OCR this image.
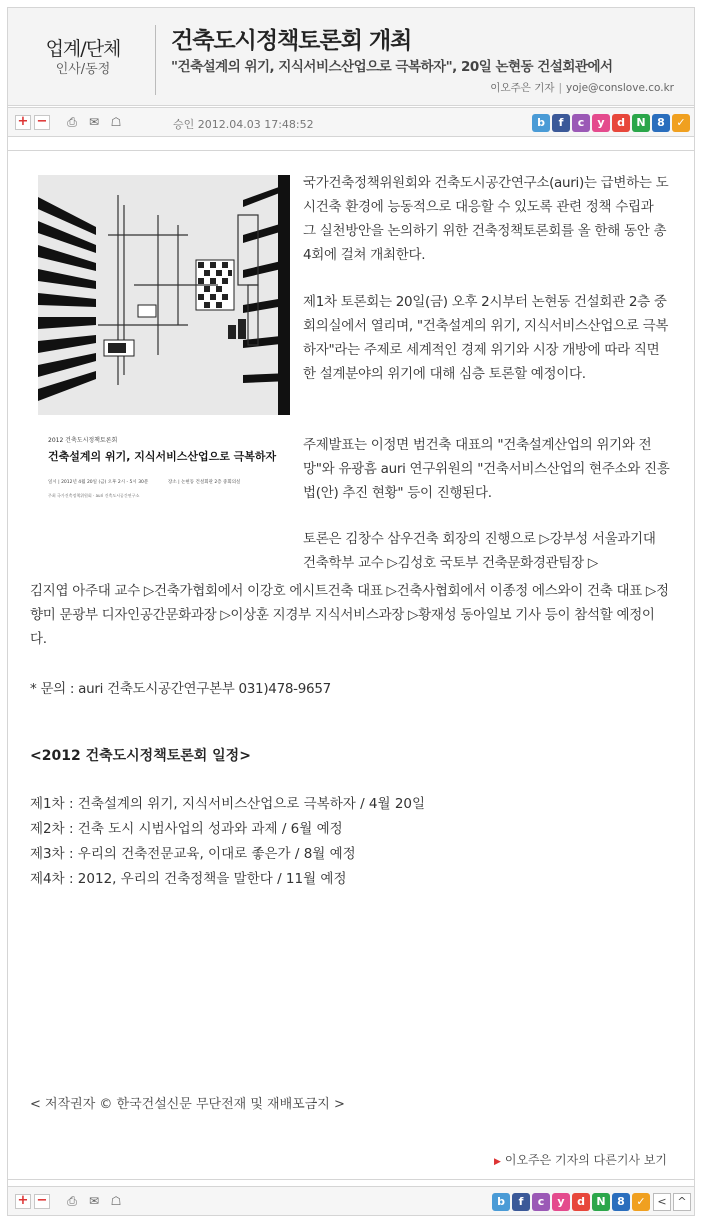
업계/단체
인사/동정
건축도시정책토론회 개최
"건축설계의 위기, 지식서비스산업으로 극복하자", 20일 논현동 건설회관에서
이오주은 기자 | yoje@conslove.co.kr
+ − ⎙ ✉ ☖	승인 2012.04.03 17:48:52	b	f	c	y	d	N	8	✓
2012 건축도시정책토론회
건축설계의 위기, 지식서비스산업으로 극복하자
일시 | 2012년 4월 20일 (금) 오후 2시 - 5시 30분	장소 | 논현동 건설회관 2층 중회의실
주최 국가건축정책위원회 · auri 건축도시공간연구소
국가건축정책위원회와 건축도시공간연구소(auri)는 급변하는 도시건축 환경에 능동적으로 대응할 수 있도록 관련 정책 수립과 그 실천방안을 논의하기 위한 건축정책토론회를 올 한해 동안 총 4회에 걸쳐 개최한다.
제1차 토론회는 20일(금) 오후 2시부터 논현동 건설회관 2층 중회의실에서 열리며, "건축설계의 위기, 지식서비스산업으로 극복하자"라는 주제로 세계적인 경제 위기와 시장 개방에 따라 직면한 설계분야의 위기에 대해 심층 토론할 예정이다.
주제발표는 이정면 범건축 대표의 "건축설계산업의 위기와 전망"와 유광흠 auri 연구위원의 "건축서비스산업의 현주소와 진흥법(안) 추진 현황" 등이 진행된다.
토론은 김창수 삼우건축 회장의 진행으로 ▷강부성 서울과기대 건축학부 교수 ▷김성호 국토부 건축문화경관팀장 ▷
김지엽 아주대 교수 ▷건축가협회에서 이강호 에시트건축 대표 ▷건축사협회에서 이종정 에스와이 건축 대표 ▷정향미 문광부 디자인공간문화과장 ▷이상훈 지경부 지식서비스과장 ▷황재성 동아일보 기사 등이 참석할 예정이다.
* 문의 : auri 건축도시공간연구본부 031)478-9657
<2012 건축도시정책토론회 일정>
제1차 : 건축설계의 위기, 지식서비스산업으로 극복하자 / 4월 20일
제2차 : 건축 도시 시범사업의 성과와 과제 / 6월 예정
제3차 : 우리의 건축전문교육, 이대로 좋은가 / 8월 예정
제4차 : 2012, 우리의 건축정책을 말한다 / 11월 예정
< 저작권자 © 한국건설신문 무단전재 및 재배포금지 >
▶ 이오주은 기자의 다른기사 보기
+ − ⎙ ✉ ☖	< ^
b	f	c	y	d	N	8	✓
